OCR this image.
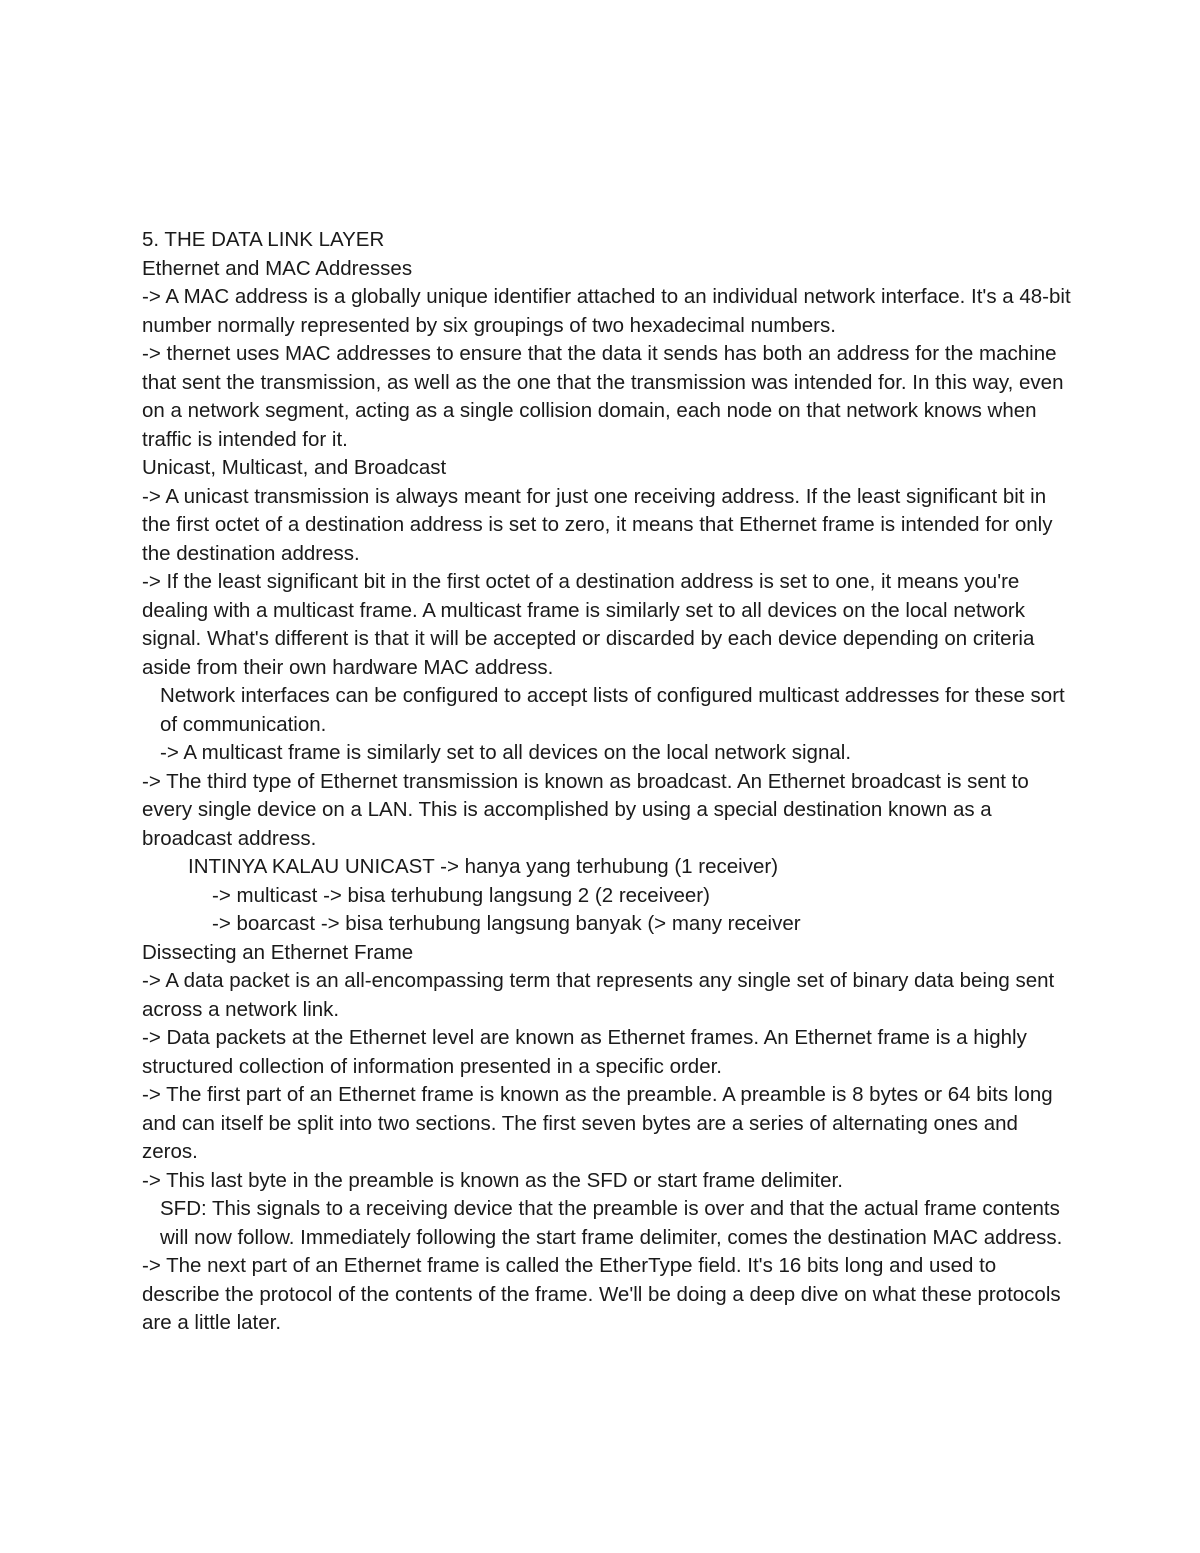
5. THE DATA LINK LAYER

Ethernet and MAC Addresses

-> A MAC address is a globally unique identifier attached to an individual network interface. It's a 48-bit number normally represented by six groupings of two hexadecimal numbers.

-> thernet uses MAC addresses to ensure that the data it sends has both an address for the machine that sent the transmission, as well as the one that the transmission was intended for. In this way, even on a network segment, acting as a single collision domain, each node on that network knows when traffic is intended for it.

Unicast, Multicast, and Broadcast

-> A unicast transmission is always meant for just one receiving address. If the least significant bit in the first octet of a destination address is set to zero, it means that Ethernet frame is intended for only the destination address.

-> If the least significant bit in the first octet of a destination address is set to one, it means you're dealing with a multicast frame. A multicast frame is similarly set to all devices on the local network signal. What's different is that it will be accepted or discarded by each device depending on criteria aside from their own hardware MAC address.

Network interfaces can be configured to accept lists of configured multicast addresses for these sort of communication.

-> A multicast frame is similarly set to all devices on the local network signal.

-> The third type of Ethernet transmission is known as broadcast. An Ethernet broadcast is sent to every single device on a LAN. This is accomplished by using a special destination known as a broadcast address.

INTINYA KALAU UNICAST -> hanya yang terhubung (1 receiver)

-> multicast -> bisa terhubung langsung 2 (2 receiveer)

-> boarcast -> bisa terhubung langsung banyak (> many receiver

Dissecting an Ethernet Frame

-> A data packet is an all-encompassing term that represents any single set of binary data being sent across a network link.

-> Data packets at the Ethernet level are known as Ethernet frames. An Ethernet frame is a highly structured collection of information presented in a specific order.

-> The first part of an Ethernet frame is known as the preamble. A preamble is 8 bytes or 64 bits long and can itself be split into two sections. The first seven bytes are a series of alternating ones and zeros.

-> This last byte in the preamble is known as the SFD or start frame delimiter.

SFD: This signals to a receiving device that the preamble is over and that the actual frame contents will now follow. Immediately following the start frame delimiter, comes the destination MAC address.

-> The next part of an Ethernet frame is called the EtherType field. It's 16 bits long and used to describe the protocol of the contents of the frame. We'll be doing a deep dive on what these protocols are a little later.
